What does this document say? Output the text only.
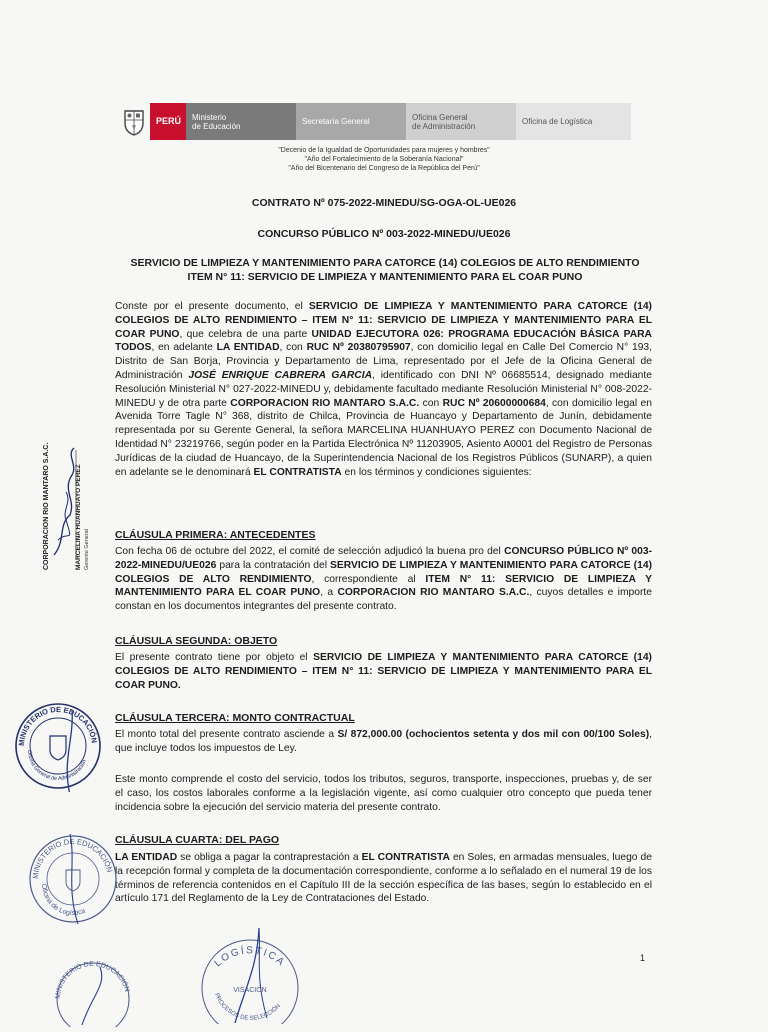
PERÚ	Ministerio
de Educación	Secretaría General	Oficina General
de Administración	Oficina de Logística
"Decenio de la Igualdad de Oportunidades para mujeres y hombres"
"Año del Fortalecimiento de la Soberanía Nacional"
"Año del Bicentenario del Congreso de la República del Perú"
CONTRATO Nº 075-2022-MINEDU/SG-OGA-OL-UE026
CONCURSO PÚBLICO Nº 003-2022-MINEDU/UE026
SERVICIO DE LIMPIEZA Y MANTENIMIENTO PARA CATORCE (14) COLEGIOS DE ALTO RENDIMIENTO
ITEM N° 11: SERVICIO DE LIMPIEZA Y MANTENIMIENTO PARA EL COAR PUNO
Conste por el presente documento, el SERVICIO DE LIMPIEZA Y MANTENIMIENTO PARA CATORCE (14) COLEGIOS DE ALTO RENDIMIENTO – ITEM N° 11: SERVICIO DE LIMPIEZA Y MANTENIMIENTO PARA EL COAR PUNO, que celebra de una parte UNIDAD EJECUTORA 026: PROGRAMA EDUCACIÓN BÁSICA PARA TODOS, en adelante LA ENTIDAD, con RUC Nº 20380795907, con domicilio legal en Calle Del Comercio N° 193, Distrito de San Borja, Provincia y Departamento de Lima, representado por el Jefe de la Oficina General de Administración JOSÉ ENRIQUE CABRERA GARCIA, identificado con DNI Nº 06685514, designado mediante Resolución Ministerial N° 027-2022-MINEDU y, debidamente facultado mediante Resolución Ministerial N° 008-2022-MINEDU y de otra parte CORPORACION RIO MANTARO S.A.C. con RUC Nº 20600000684, con domicilio legal en Avenida Torre Tagle N° 368, distrito de Chilca, Provincia de Huancayo y Departamento de Junín, debidamente representada por su Gerente General, la señora MARCELINA HUANHUAYO PEREZ con Documento Nacional de Identidad N° 23219766, según poder en la Partida Electrónica Nº 11203905, Asiento A0001 del Registro de Personas Jurídicas de la ciudad de Huancayo, de la Superintendencia Nacional de los Registros Públicos (SUNARP), a quien en adelante se le denominará EL CONTRATISTA en los términos y condiciones siguientes:
CLÁUSULA PRIMERA: ANTECEDENTES
Con fecha 06 de octubre del 2022, el comité de selección adjudicó la buena pro del CONCURSO PÚBLICO Nº 003-2022-MINEDU/UE026 para la contratación del SERVICIO DE LIMPIEZA Y MANTENIMIENTO PARA CATORCE (14) COLEGIOS DE ALTO RENDIMIENTO, correspondiente al ITEM N° 11: SERVICIO DE LIMPIEZA Y MANTENIMIENTO PARA EL COAR PUNO, a CORPORACION RIO MANTARO S.A.C., cuyos detalles e importe constan en los documentos integrantes del presente contrato.
CLÁUSULA SEGUNDA: OBJETO
El presente contrato tiene por objeto el SERVICIO DE LIMPIEZA Y MANTENIMIENTO PARA CATORCE (14) COLEGIOS DE ALTO RENDIMIENTO – ITEM N° 11: SERVICIO DE LIMPIEZA Y MANTENIMIENTO PARA EL COAR PUNO.
CLÁUSULA TERCERA: MONTO CONTRACTUAL
El monto total del presente contrato asciende a S/ 872,000.00 (ochocientos setenta y dos mil con 00/100 Soles), que incluye todos los impuestos de Ley.
Este monto comprende el costo del servicio, todos los tributos, seguros, transporte, inspecciones, pruebas y, de ser el caso, los costos laborales conforme a la legislación vigente, así como cualquier otro concepto que pueda tener incidencia sobre la ejecución del servicio materia del presente contrato.
CLÁUSULA CUARTA: DEL PAGO
LA ENTIDAD se obliga a pagar la contraprestación a EL CONTRATISTA en Soles, en armadas mensuales, luego de la recepción formal y completa de la documentación correspondiente, conforme a lo señalado en el numeral 19 de los términos de referencia contenidos en el Capítulo III de la sección específica de las bases, según lo establecido en el artículo 171 del Reglamento de la Ley de Contrataciones del Estado.
1
CORPORACION RIO MANTARO S.A.C.	MARCELINA HUANHUAYO PEREZ Gerente General
MINISTERIO DE EDUCACIÓN
Oficina General de Administración
MINISTERIO DE EDUCACIÓN
Oficina de Logística
MINISTERIO DE EDUCACIÓN
LOGÍSTICA
VISACIÓN
PROCESOS DE SELECCIÓN
